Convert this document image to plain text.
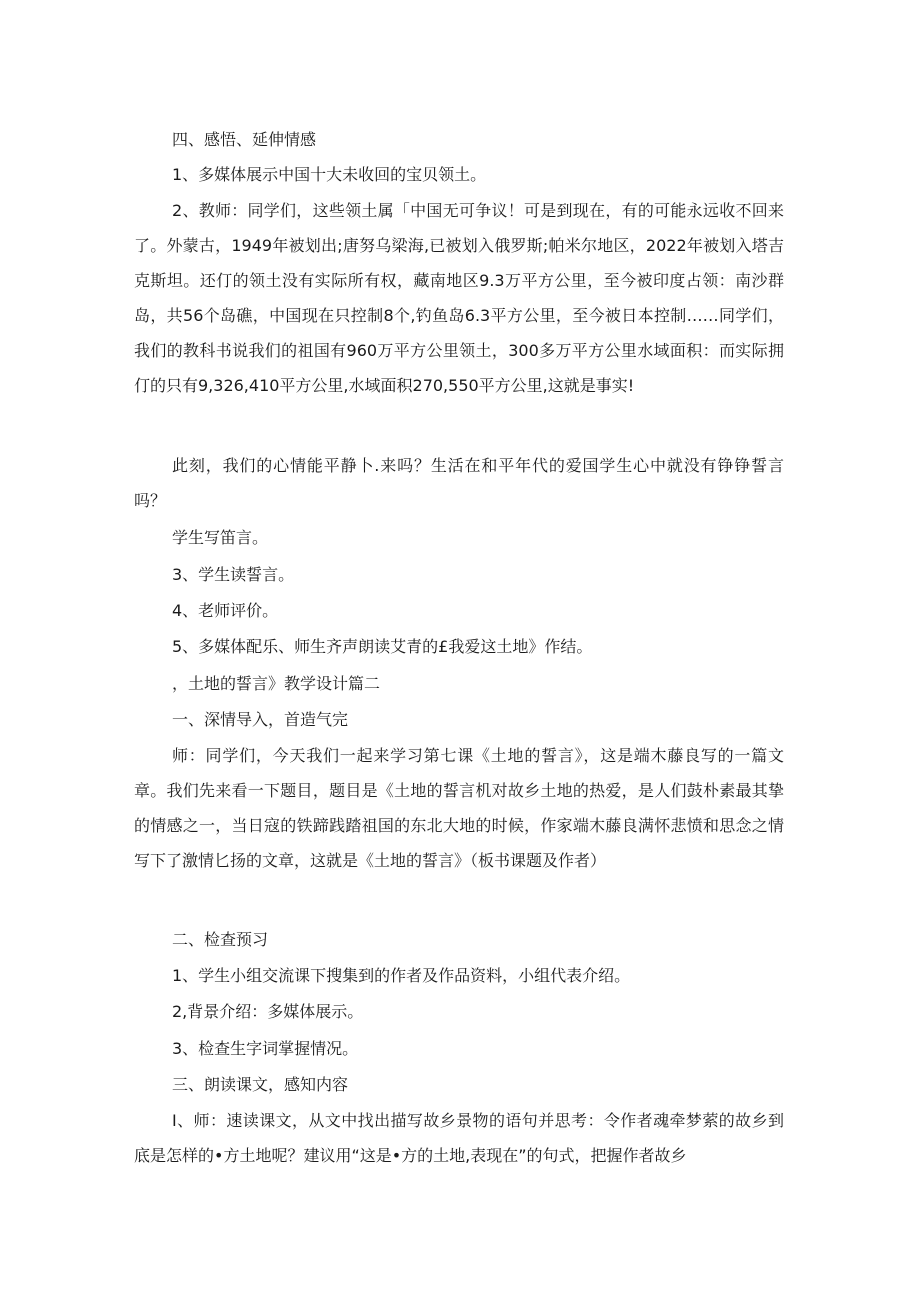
四、感悟、延伸情感

1、多媒体展示中国十大未收回的宝贝领土。

2、教师：同学们，这些领土属「中国无可争议！可是到现在，有的可能永远收不回来了。外蒙古，1949年被划出;唐努乌梁海,已被划入俄罗斯;帕米尔地区，2022年被划入塔吉克斯坦。还仃的领土没有实际所有权，藏南地区9.3万平方公里，至今被印度占领：南沙群岛，共56个岛礁，中国现在只控制8个,钓鱼岛6.3平方公里，至今被日本控制……同学们，我们的教科书说我们的祖国有960万平方公里领土，300多万平方公里水域面积：而实际拥仃的只有9,326,410平方公里,水域面积270,550平方公里,这就是事实!

此刻，我们的心情能平静卜.来吗？生活在和平年代的爱国学生心中就没有铮铮誓言吗？

学生写笛言。

3、学生读誓言。

4、老师评价。

5、多媒体配乐、师生齐声朗读艾青的£我爱这土地》作结。

，土地的誓言》教学设计篇二

一、深情导入，首造气完

师：同学们，今天我们一起来学习第七课《土地的誓言》，这是端木藤良写的一篇文章。我们先来看一下题目，题目是《土地的誓言机对故乡土地的热爱，是人们鼓朴素最其挚的情感之一，当日寇的铁蹄践踏祖国的东北大地的时候，作家端木藤良满怀悲愤和思念之情写下了激情匕扬的文章，这就是《土地的誓言》（板书课题及作者）

二、检查预习

1、学生小组交流课下搜集到的作者及作品资料，小组代表介绍。

2,背景介绍：多媒体展示。

3、检查生字词掌握情况。

三、朗读课文，感知内容

I、师：速读课文，从文中找出描写故乡景物的语句并思考：令作者魂牵梦萦的故乡到底是怎样的•方土地呢？建议用“这是•方的土地,表现在”的句式，把握作者故乡
